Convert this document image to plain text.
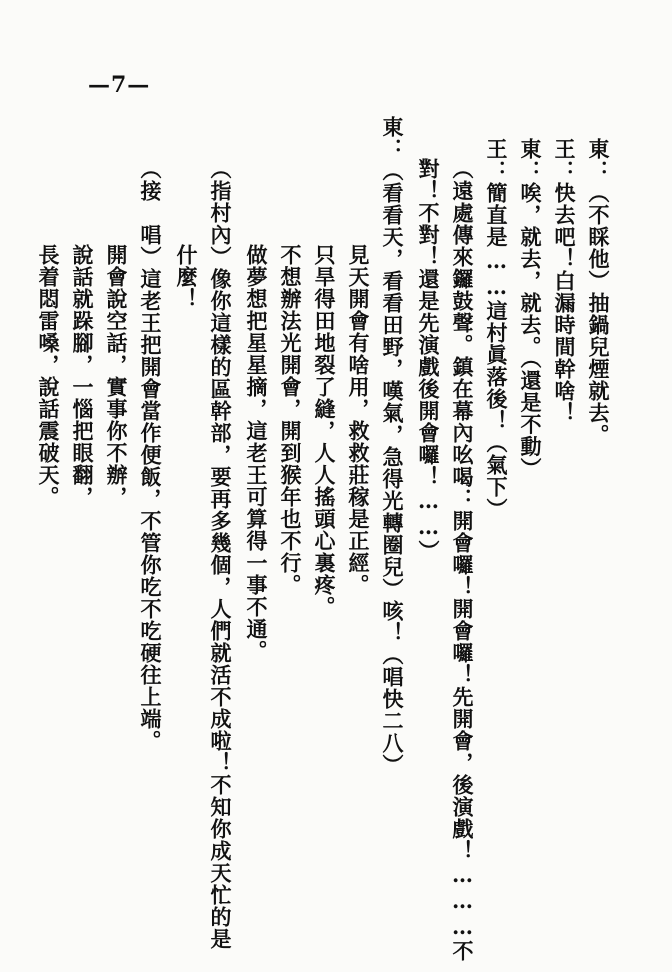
—7—
東：（不睬他）抽鍋兒煙就去。
王：快去吧！白漏時間幹啥！
東：唉，就去，就去。（還是不動）
王：簡直是……這村眞落後！（氣下）
（遠處傳來鑼鼓聲。鎮在幕內吆喝：開會囉！開會囉！先開會，後演戲！………不
對！不對！還是先演戲後開會囉！……）
東：（看看天，看看田野，嘆氣，急得光轉圈兒）咳！（唱快二八）
見天開會有啥用，救救莊稼是正經。
只旱得田地裂了縫，人人搖頭心裏疼。
不想辦法光開會，開到猴年也不行。
做夢想把星星摘，這老王可算得一事不通。
（指村內）像你這樣的區幹部，要再多幾個，人們就活不成啦！不知你成天忙的是
什麼！
（接　唱）這老王把開會當作便飯，不管你吃不吃硬往上端。
開會說空話，實事你不辦，
說話就跺腳，一惱把眼翻，
長着悶雷嗓，說話震破天。
